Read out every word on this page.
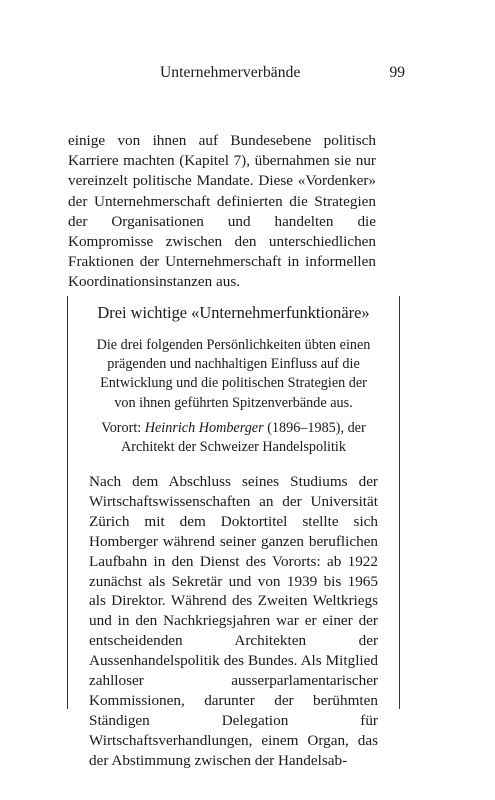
Unternehmerverbände	99

einige von ihnen auf Bundesebene politisch Karriere machten (Kapitel 7), übernahmen sie nur vereinzelt politische Mandate. Diese «Vordenker» der Unternehmerschaft definierten die Strategien der Organisationen und handelten die Kompromisse zwischen den unterschiedlichen Fraktionen der Unternehmerschaft in informellen Koordinationsinstanzen aus.

Drei wichtige «Unternehmerfunktionäre»

Die drei folgenden Persönlichkeiten übten einen prägenden und nachhaltigen Einfluss auf die Entwicklung und die politischen Strategien der von ihnen geführten Spitzenverbände aus.

Vorort: Heinrich Homberger (1896–1985), der
Architekt der Schweizer Handelspolitik

Nach dem Abschluss seines Studiums der Wirtschaftswissenschaften an der Universität Zürich mit dem Doktortitel stellte sich Homberger während seiner ganzen beruflichen Laufbahn in den Dienst des Vororts: ab 1922 zunächst als Sekretär und von 1939 bis 1965 als Direktor. Während des Zweiten Weltkriegs und in den Nachkriegsjahren war er einer der entscheidenden Architekten der Aussenhandelspolitik des Bundes. Als Mitglied zahlloser ausserparlamentarischer Kommissionen, darunter der berühmten Ständigen Delegation für Wirtschaftsverhandlungen, einem Organ, das der Abstimmung zwischen der Handelsab-
